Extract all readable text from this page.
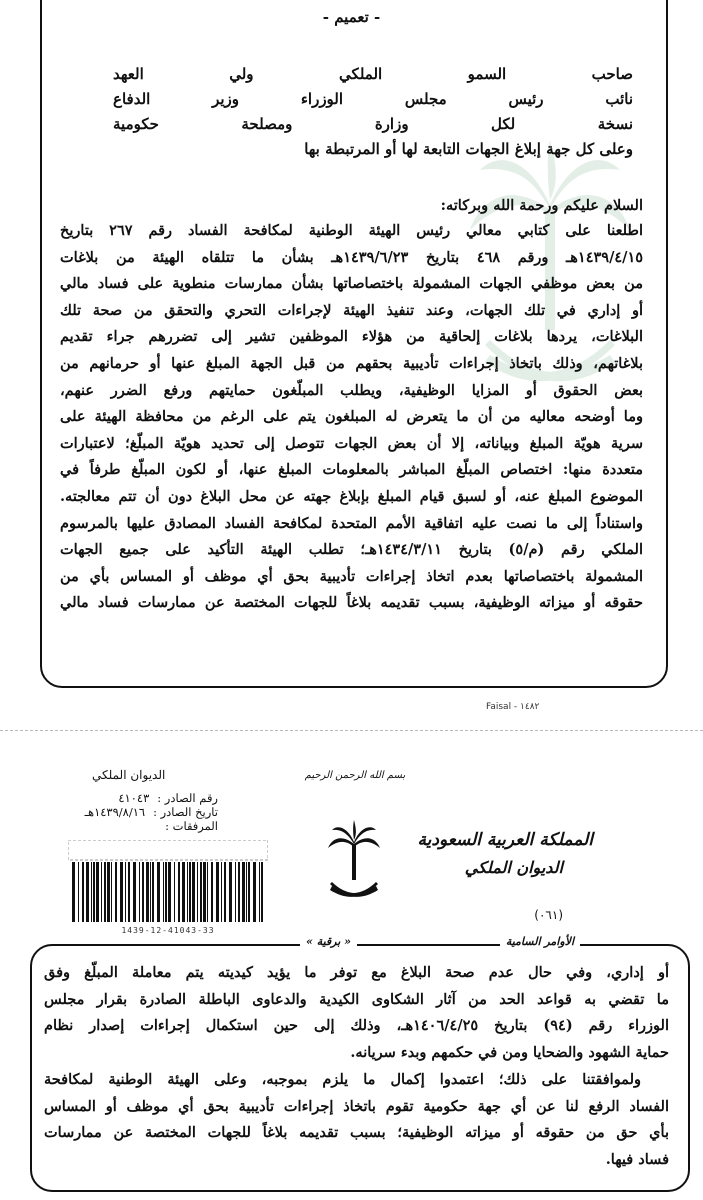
- تعميم -
صاحب السمو الملكي ولي العهد
نائب رئيس مجلس الوزراء وزير الدفاع
نسخة لكل وزارة ومصلحة حكومية
وعلى كل جهة إبلاغ الجهات التابعة لها أو المرتبطة بها
السلام عليكم ورحمة الله وبركاته:
اطلعنا على كتابي معالي رئيس الهيئة الوطنية لمكافحة الفساد رقم ٢٦٧ بتاريخ
١٤٣٩/٤/١٥هـ ورقم ٤٦٨ بتاريخ ١٤٣٩/٦/٢٣هـ بشأن ما تتلقاه الهيئة من بلاغات
من بعض موظفي الجهات المشمولة باختصاصاتها بشأن ممارسات منطوية على فساد مالي
أو إداري في تلك الجهات، وعند تنفيذ الهيئة لإجراءات التحري والتحقق من صحة تلك
البلاغات، يردها بلاغات إلحاقية من هؤلاء الموظفين تشير إلى تضررهم جراء تقديم
بلاغاتهم، وذلك باتخاذ إجراءات تأديبية بحقهم من قبل الجهة المبلغ عنها أو حرمانهم من
بعض الحقوق أو المزايا الوظيفية، ويطلب المبلّغون حمايتهم ورفع الضرر عنهم،
وما أوضحه معاليه من أن ما يتعرض له المبلغون يتم على الرغم من محافظة الهيئة على
سرية هويّة المبلغ وبياناته، إلا أن بعض الجهات تتوصل إلى تحديد هويّة المبلّغ؛ لاعتبارات
متعددة منها: اختصاص المبلّغ المباشر بالمعلومات المبلغ عنها، أو لكون المبلّغ طرفاً في
الموضوع المبلغ عنه، أو لسبق قيام المبلغ بإبلاغ جهته عن محل البلاغ دون أن تتم معالجته.
واستناداً إلى ما نصت عليه اتفاقية الأمم المتحدة لمكافحة الفساد المصادق عليها بالمرسوم
الملكي رقم (م/٥) بتاريخ ١٤٣٤/٣/١١هـ؛ تطلب الهيئة التأكيد على جميع الجهات
المشمولة باختصاصاتها بعدم اتخاذ إجراءات تأديبية بحق أي موظف أو المساس بأي من
حقوقه أو ميزاته الوظيفية، بسبب تقديمه بلاغاً للجهات المختصة عن ممارسات فساد مالي
Faisal - ١٤٨٢
الديوان الملكي
رقم الصادر :
٤١٠٤٣
تاريخ الصادر :
١٤٣٩/٨/١٦هـ
المرفقات :
1439-12-41043-33
بسم الله الرحمن الرحيم
المملكة العربية السعودية
الديوان الملكي
(٠٦١)
« برقية »	الأوامر السامية
أو إداري، وفي حال عدم صحة البلاغ مع توفر ما يؤيد كيديته يتم معاملة المبلّغ وفق
ما تقضي به قواعد الحد من آثار الشكاوى الكيدية والدعاوى الباطلة الصادرة بقرار مجلس
الوزراء رقم (٩٤) بتاريخ ١٤٠٦/٤/٢٥هـ، وذلك إلى حين استكمال إجراءات إصدار نظام
حماية الشهود والضحايا ومن في حكمهم وبدء سريانه.
ولموافقتنا على ذلك؛ اعتمدوا إكمال ما يلزم بموجبه، وعلى الهيئة الوطنية لمكافحة
الفساد الرفع لنا عن أي جهة حكومية تقوم باتخاذ إجراءات تأديبية بحق أي موظف أو المساس
بأي حق من حقوقه أو ميزاته الوظيفية؛ بسبب تقديمه بلاغاً للجهات المختصة عن ممارسات
فساد فيها.
